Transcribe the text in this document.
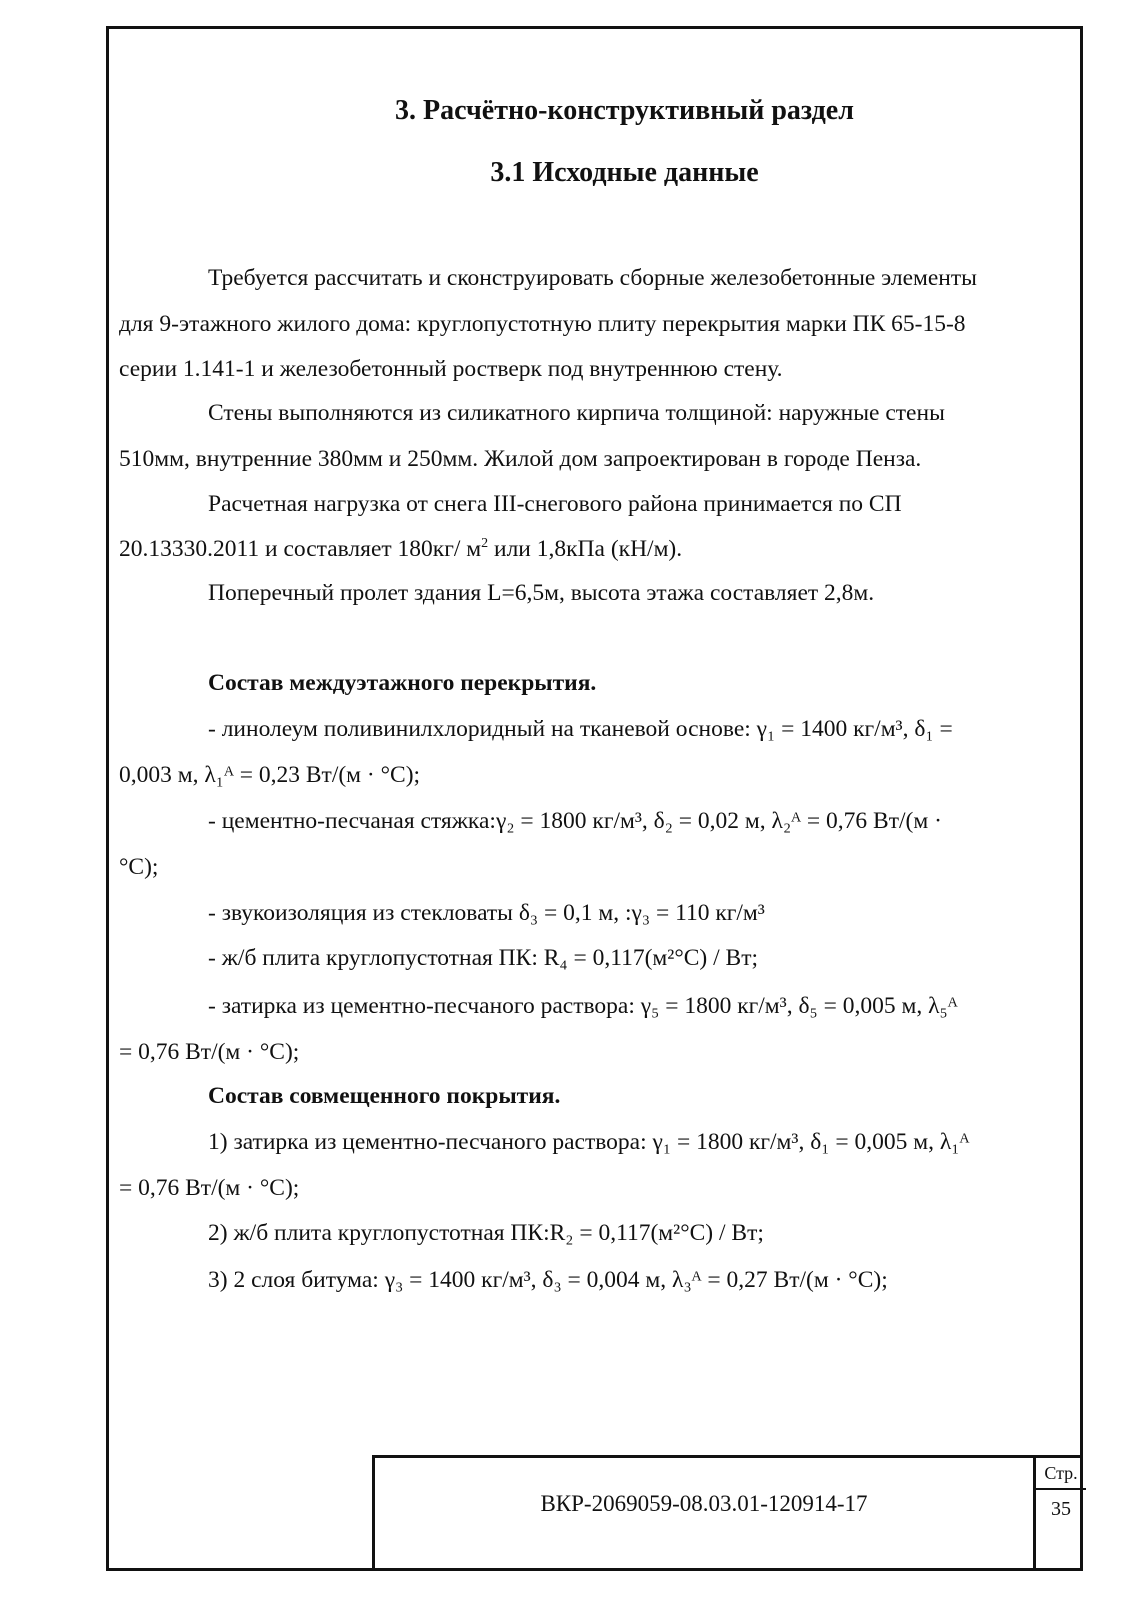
3. Расчётно-конструктивный раздел
3.1 Исходные данные
Требуется рассчитать и сконструировать сборные железобетонные элементы
для 9-этажного жилого дома: круглопустотную плиту перекрытия марки ПК 65-15-8
серии 1.141-1 и железобетонный ростверк под внутреннюю стену.
Стены выполняются из силикатного кирпича толщиной: наружные стены
510мм, внутренние 380мм и 250мм. Жилой дом запроектирован в городе Пенза.
Расчетная нагрузка от снега III-снегового района принимается по СП
20.13330.2011 и составляет 180кг/ $м^2$ или 1,8кПа (кН/м).
Поперечный пролет здания L=6,5м, высота этажа составляет 2,8м.
Состав междуэтажного перекрытия.
- линолеум поливинилхлоридный на тканевой основе: γ₁ = 1400 кг/м³, δ₁ =
0,003 м, λ₁ᴬ = 0,23 Вт/(м · °С);
- цементно-песчаная стяжка:γ₂ = 1800 кг/м³, δ₂ = 0,02 м, λ₂ᴬ = 0,76 Вт/(м ·
°С);
- звукоизоляция из стекловаты δ₃ = 0,1 м, :γ₃ = 110 кг/м³
- ж/б плита круглопустотная ПК: R₄ = 0,117(м²°С) / Вт;
- затирка из цементно-песчаного раствора: γ₅ = 1800 кг/м³, δ₅ = 0,005 м, λ₅ᴬ
= 0,76 Вт/(м · °С);
Состав совмещенного покрытия.
1) затирка из цементно-песчаного раствора: γ₁ = 1800 кг/м³, δ₁ = 0,005 м, λ₁ᴬ
= 0,76 Вт/(м · °С);
2) ж/б плита круглопустотная ПК:R₂ = 0,117(м²°С) / Вт;
3) 2 слоя битума: γ₃ = 1400 кг/м³, δ₃ = 0,004 м, λ₃ᴬ = 0,27 Вт/(м · °С);
ВКР-2069059-08.03.01-120914-17
Стр.
35
